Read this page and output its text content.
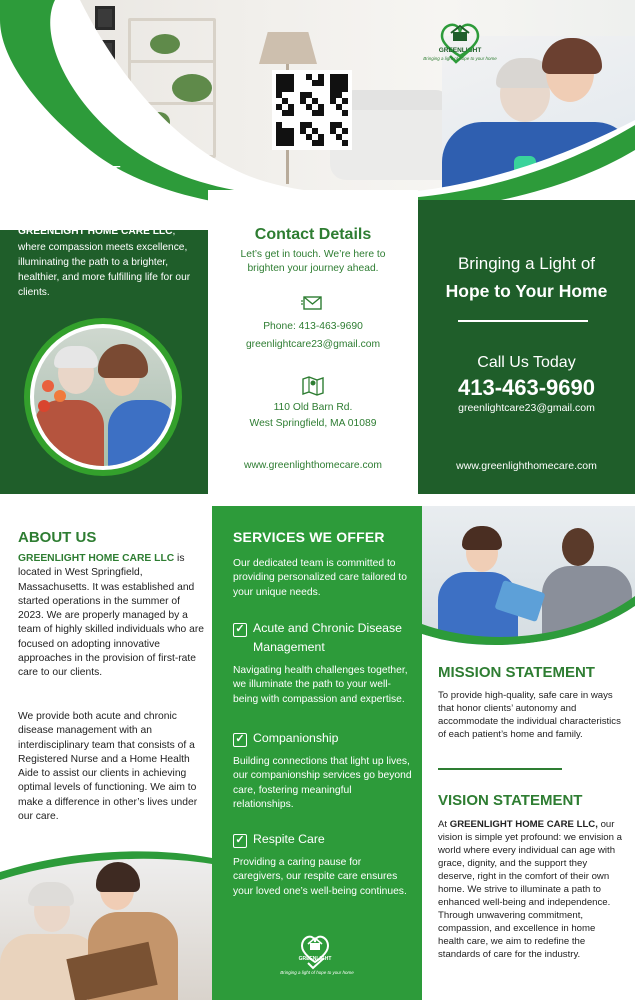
GREENLIGHT
Bringing a light of hope to your home
GREENLIGHT
HOME CARE LLC
Step into the heart of care at GREENLIGHT HOME CARE LLC, where compassion meets excellence, illuminating the path to a brighter, healthier, and more fulfilling life for our clients.
Contact Details
Let’s get in touch. We’re here to brighten your journey ahead.
Phone: 413-463-9690
greenlightcare23@gmail.com
110 Old Barn Rd.
West Springfield, MA 01089
www.greenlighthomecare.com
Bringing a Light of
Hope to Your Home
Call Us Today
413-463-9690
greenlightcare23@gmail.com
www.greenlighthomecare.com
ABOUT US
GREENLIGHT HOME CARE LLC is located in West Springfield, Massachusetts. It was established and started operations in the summer of 2023. We are properly managed by a team of highly skilled individuals who are focused on adopting innovative approaches in the provision of first-rate care to our clients.
We provide both acute and chronic disease management with an interdisciplinary team that consists of a Registered Nurse and a Home Health Aide to assist our clients in achieving optimal levels of functioning. We aim to make a difference in other’s lives under our care.
SERVICES WE OFFER
Our dedicated team is committed to providing personalized care tailored to your unique needs.
✓ Acute and Chronic Disease Management
Navigating health challenges together, we illuminate the path to your well-being with compassion and expertise.
✓ Companionship
Building connections that light up lives, our companionship services go beyond care, fostering meaningful relationships.
✓ Respite Care
Providing a caring pause for caregivers, our respite care ensures your loved one’s well-being continues.
GREENLIGHT
Bringing a light of hope to your home
MISSION STATEMENT
To provide high-quality, safe care in ways that honor clients’ autonomy and accommodate the individual characteristics of each patient’s home and family.
VISION STATEMENT
At GREENLIGHT HOME CARE LLC, our vision is simple yet profound: we envision a world where every individual can age with grace, dignity, and the support they deserve, right in the comfort of their own home. We strive to illuminate a path to enhanced well-being and independence. Through unwavering commitment, compassion, and excellence in home health care, we aim to redefine the standards of care for the industry.
